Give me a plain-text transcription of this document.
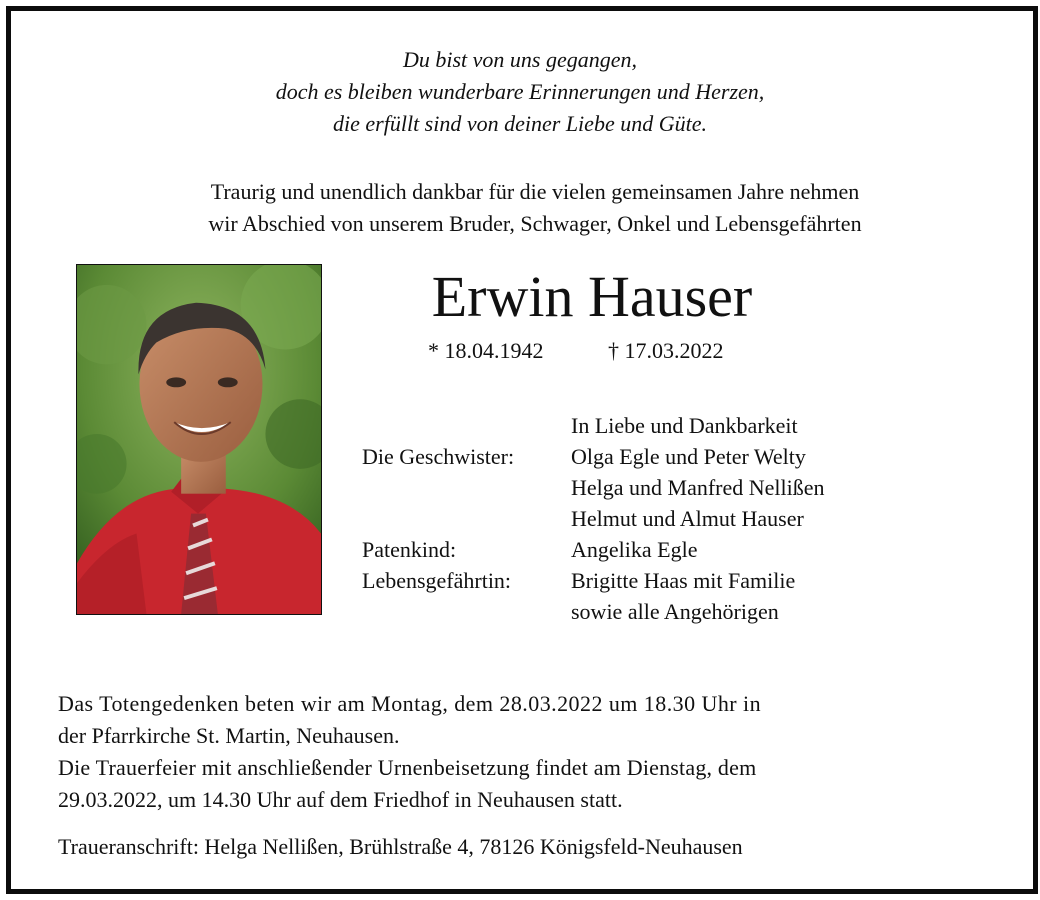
Du bist von uns gegangen,
doch es bleiben wunderbare Erinnerungen und Herzen,
die erfüllt sind von deiner Liebe und Güte.
Traurig und unendlich dankbar für die vielen gemeinsamen Jahre nehmen
wir Abschied von unserem Bruder, Schwager, Onkel und Lebensgefährten
Erwin Hauser
* 18.04.1942	† 17.03.2022
In Liebe und Dankbarkeit
Die Geschwister:	Olga Egle und Peter Welty
Helga und Manfred Nellißen
Helmut und Almut Hauser
Patenkind:	Angelika Egle
Lebensgefährtin:	Brigitte Haas mit Familie
sowie alle Angehörigen

Das Totengedenken beten wir am Montag, dem 28.03.2022 um 18.30 Uhr in

der Pfarrkirche St. Martin, Neuhausen.

Die Trauerfeier mit anschließender Urnenbeisetzung findet am Dienstag, dem

29.03.2022, um 14.30 Uhr auf dem Friedhof in Neuhausen statt.

Traueranschrift: Helga Nellißen, Brühlstraße 4, 78126 Königsfeld-Neuhausen
